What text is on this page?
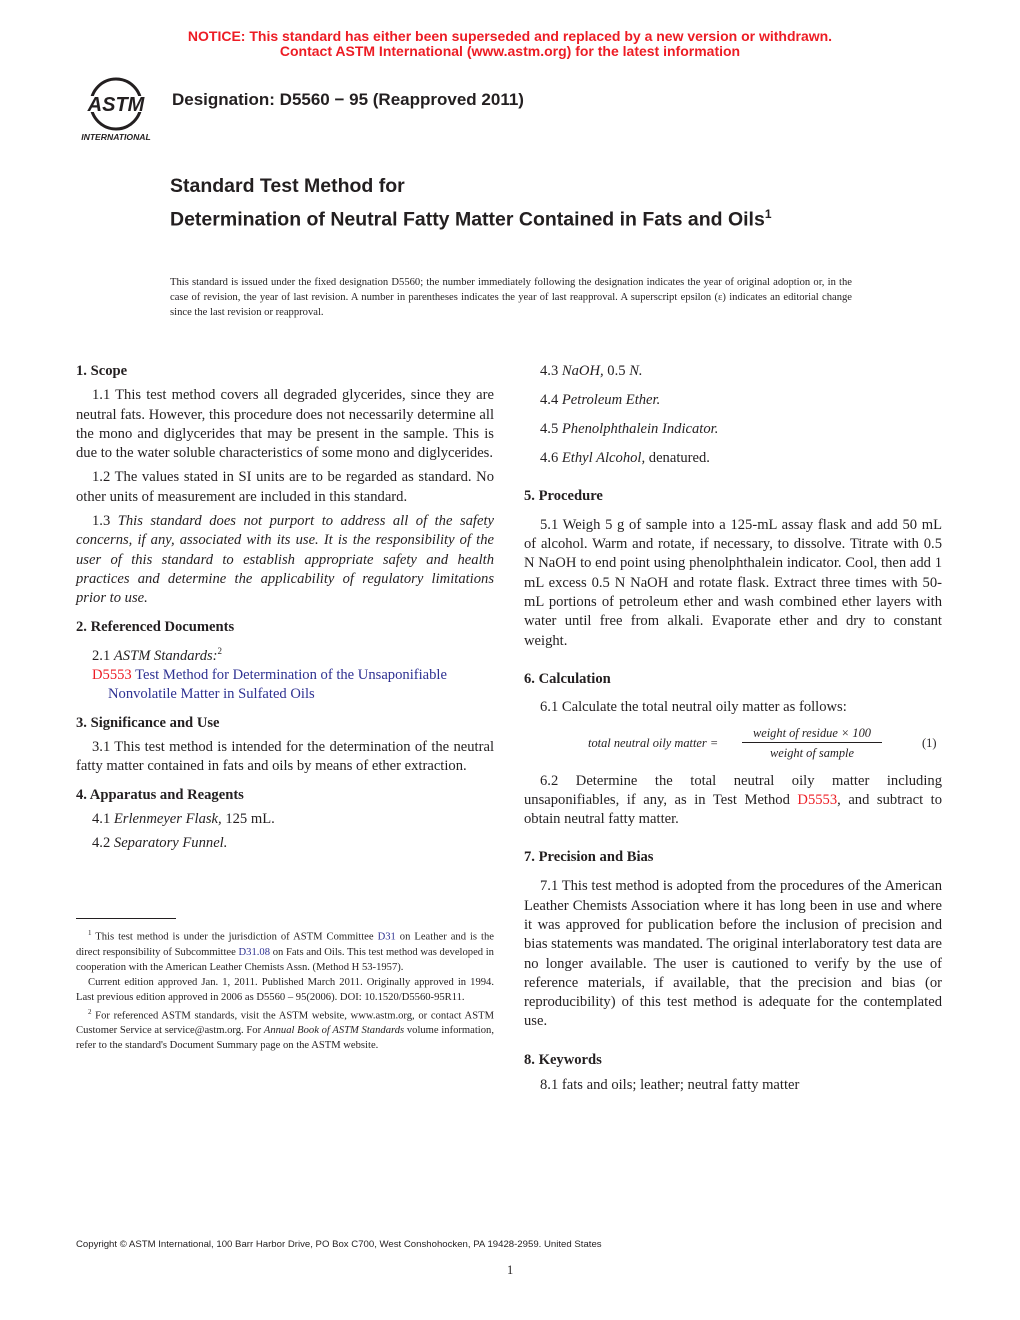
NOTICE: This standard has either been superseded and replaced by a new version or withdrawn.
Contact ASTM International (www.astm.org) for the latest information
ASTM
INTERNATIONAL
Designation: D5560 − 95 (Reapproved 2011)
Standard Test Method for
Determination of Neutral Fatty Matter Contained in Fats and Oils$^1$
This standard is issued under the fixed designation D5560; the number immediately following the designation indicates the year of original adoption or, in the case of revision, the year of last revision. A number in parentheses indicates the year of last reapproval. A superscript epsilon (ε) indicates an editorial change since the last revision or reapproval.
1. Scope

1.1 This test method covers all degraded glycerides, since they are neutral fats. However, this procedure does not necessarily determine all the mono and diglycerides that may be present in the sample. This is due to the water soluble characteristics of some mono and diglycerides.

1.2 The values stated in SI units are to be regarded as standard. No other units of measurement are included in this standard.

1.3 This standard does not purport to address all of the safety concerns, if any, associated with its use. It is the responsibility of the user of this standard to establish appropriate safety and health practices and determine the applicability of regulatory limitations prior to use.

2. Referenced Documents

2.1 ASTM Standards:$^2$

D5553 Test Method for Determination of the Unsaponifiable Nonvolatile Matter in Sulfated Oils

3. Significance and Use

3.1 This test method is intended for the determination of the neutral fatty matter contained in fats and oils by means of ether extraction.

4. Apparatus and Reagents

4.1 Erlenmeyer Flask, 125 mL.

4.2 Separatory Funnel.

$^1$ This test method is under the jurisdiction of ASTM Committee D31 on Leather and is the direct responsibility of Subcommittee D31.08 on Fats and Oils. This test method was developed in cooperation with the American Leather Chemists Assn. (Method H 53-1957).

Current edition approved Jan. 1, 2011. Published March 2011. Originally approved in 1994. Last previous edition approved in 2006 as D5560 – 95(2006). DOI: 10.1520/D5560-95R11.

$^2$ For referenced ASTM standards, visit the ASTM website, www.astm.org, or contact ASTM Customer Service at service@astm.org. For Annual Book of ASTM Standards volume information, refer to the standard's Document Summary page on the ASTM website.

4.3 NaOH, 0.5 N.

4.4 Petroleum Ether.

4.5 Phenolphthalein Indicator.

4.6 Ethyl Alcohol, denatured.

5. Procedure

5.1 Weigh 5 g of sample into a 125-mL assay flask and add 50 mL of alcohol. Warm and rotate, if necessary, to dissolve. Titrate with 0.5 N NaOH to end point using phenolphthalein indicator. Cool, then add 1 mL excess 0.5 N NaOH and rotate flask. Extract three times with 50-mL portions of petroleum ether and wash combined ether layers with water until free from alkali. Evaporate ether and dry to constant weight.

6. Calculation

6.1 Calculate the total neutral oily matter as follows:

total neutral oily matter =
weight of residue × 100
weight of sample
(1)

6.2 Determine the total neutral oily matter including unsaponifiables, if any, as in Test Method D5553, and subtract to obtain neutral fatty matter.

7. Precision and Bias

7.1 This test method is adopted from the procedures of the American Leather Chemists Association where it has long been in use and where it was approved for publication before the inclusion of precision and bias statements was mandated. The original interlaboratory test data are no longer available. The user is cautioned to verify by the use of reference materials, if available, that the precision and bias (or reproducibility) of this test method is adequate for the contemplated use.

8. Keywords

8.1 fats and oils; leather; neutral fatty matter

Copyright © ASTM International, 100 Barr Harbor Drive, PO Box C700, West Conshohocken, PA 19428-2959. United States
1
